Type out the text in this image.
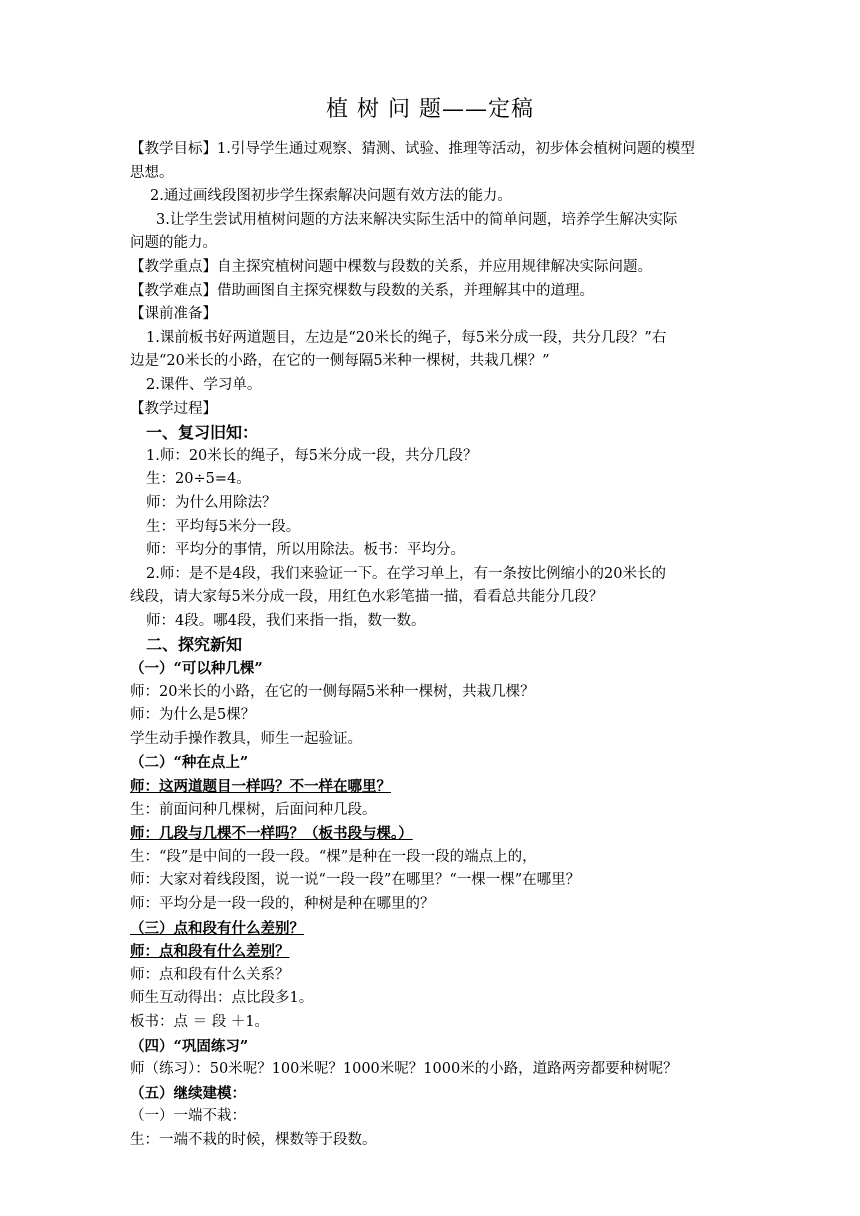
植 树 问 题——定稿
【教学目标】1.引导学生通过观察、猜测、试验、推理等活动，初步体会植树问题的模型
思想。
2.通过画线段图初步学生探索解决问题有效方法的能力。
3.让学生尝试用植树问题的方法来解决实际生活中的简单问题，培养学生解决实际
问题的能力。
【教学重点】自主探究植树问题中棵数与段数的关系，并应用规律解决实际问题。
【教学难点】借助画图自主探究棵数与段数的关系，并理解其中的道理。
【课前准备】
1.课前板书好两道题目，左边是“20米长的绳子，每5米分成一段，共分几段？”右
边是“20米长的小路，在它的一侧每隔5米种一棵树，共栽几棵？”
2.课件、学习单。
【教学过程】
一、复习旧知：
1.师：20米长的绳子，每5米分成一段，共分几段？
生：20÷5=4。
师：为什么用除法？
生：平均每5米分一段。
师：平均分的事情，所以用除法。板书：平均分。
2.师：是不是4段，我们来验证一下。在学习单上，有一条按比例缩小的20米长的
线段，请大家每5米分成一段，用红色水彩笔描一描，看看总共能分几段？
师：4段。哪4段，我们来指一指，数一数。
二、探究新知
（一）“可以种几棵”
师：20米长的小路，在它的一侧每隔5米种一棵树，共栽几棵？
师：为什么是5棵？
学生动手操作教具，师生一起验证。
（二）“种在点上”
师：这两道题目一样吗？不一样在哪里？
生：前面问种几棵树，后面问种几段。
师：几段与几棵不一样吗？（板书段与棵。）
生：“段”是中间的一段一段。“棵”是种在一段一段的端点上的，
师：大家对着线段图，说一说“一段一段”在哪里？“一棵一棵”在哪里？
师：平均分是一段一段的，种树是种在哪里的？
（三）点和段有什么差别？
师：点和段有什么差别？
师：点和段有什么关系？
师生互动得出：点比段多1。
板书：点 ＝ 段 ＋1。
（四）“巩固练习”
师（练习）：50米呢？100米呢？1000米呢？1000米的小路，道路两旁都要种树呢？
（五）继续建模：
（一）一端不栽：
生：一端不栽的时候，棵数等于段数。
